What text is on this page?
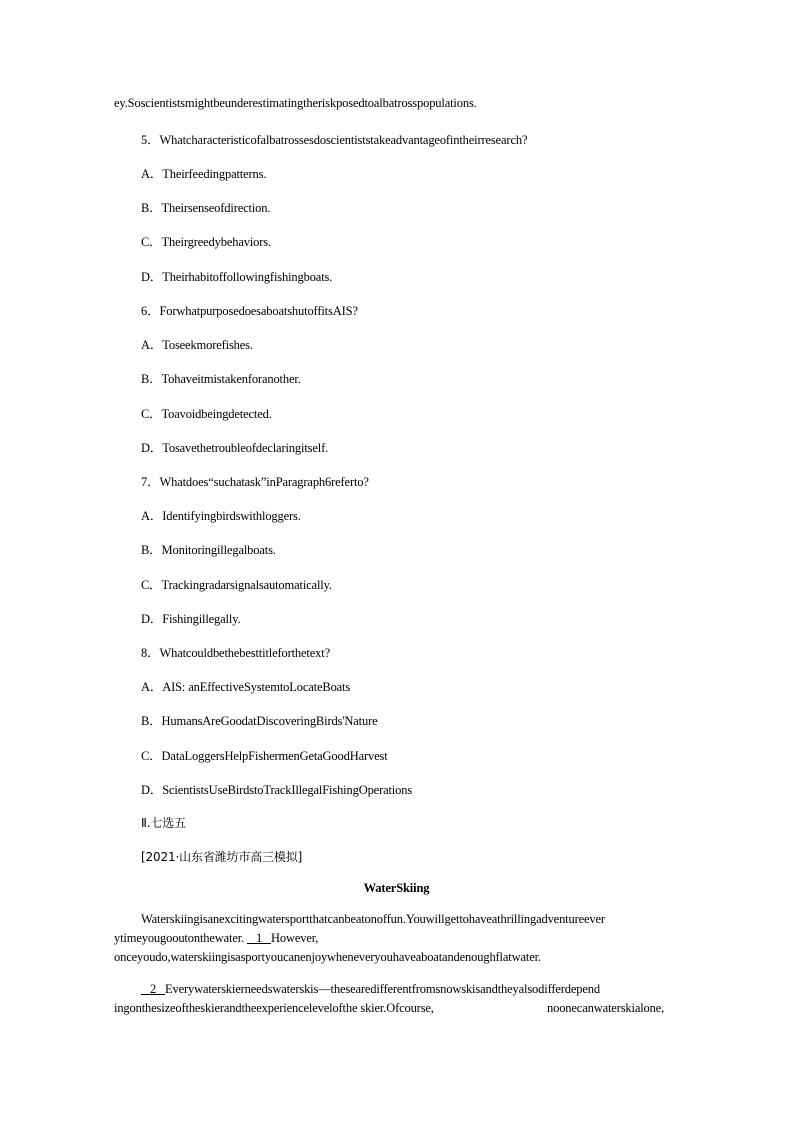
ey.Soscientistsmightbeunderestimatingtheriskposedtoalbatrosspopulations.
5．Whatcharacteristicofalbatrossesdoscientiststakeadvantageofintheirresearch?
A．Theirfeedingpatterns.
B．Theirsenseofdirection.
C．Theirgreedybehaviors.
D．Theirhabitoffollowingfishingboats.
6．ForwhatpurposedoesaboatshutoffitsAIS?
A．Toseekmorefishes.
B．Tohaveitmistakenforanother.
C．Toavoidbeingdetected.
D．Tosavethetroubleofdeclaringitself.
7．Whatdoes“suchatask”inParagraph6referto?
A．Identifyingbirdswithloggers.
B．Monitoringillegalboats.
C．Trackingradarsignalsautomatically.
D．Fishingillegally.
8．Whatcouldbethebesttitleforthetext?
A．AIS: anEffectiveSystemtoLocateBoats
B．HumansAreGoodatDiscoveringBirds'Nature
C．DataLoggersHelpFishermenGetaGoodHarvest
D．ScientistsUseBirdstoTrackIllegalFishingOperations
Ⅱ.七选五
[2021·山东省潍坊市高三模拟]
WaterSkiing
Waterskiingisanexcitingwatersportthatcanbeatonoffun.Youwillgettohaveathrillingadventureever
ytimeyougooutonthewater. 1 However,
onceyoudo,waterskiingisasportyoucanenjoywheneveryouhaveaboatandenoughflatwater.
2 Everywaterskierneedswaterskis—thesearedifferentfromsnowskisandtheyalsodifferdepend
ingonthesizeoftheskierandtheexperiencelevelofthe skier.Ofcourse,	noonecanwaterskialone,
